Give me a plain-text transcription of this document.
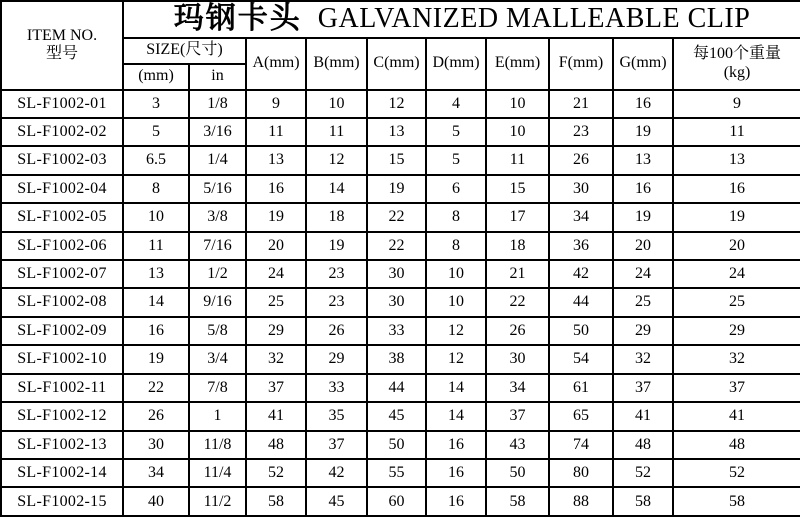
ITEM NO.
型号

玛钢卡头 GALVANIZED MALLEABLE CLIP

	SIZE(尺寸)		A(mm)	B(mm)	C(mm)	D(mm)	E(mm)	F(mm)	G(mm)	每100个重量
(kg)

	(mm)	in								
SL-F1002-01	3	1/8	9	10	12	4	10	21	16	9
SL-F1002-02	5	3/16	11	11	13	5	10	23	19	11
SL-F1002-03	6.5	1/4	13	12	15	5	11	26	13	13
SL-F1002-04	8	5/16	16	14	19	6	15	30	16	16
SL-F1002-05	10	3/8	19	18	22	8	17	34	19	19
SL-F1002-06	11	7/16	20	19	22	8	18	36	20	20
SL-F1002-07	13	1/2	24	23	30	10	21	42	24	24
SL-F1002-08	14	9/16	25	23	30	10	22	44	25	25
SL-F1002-09	16	5/8	29	26	33	12	26	50	29	29
SL-F1002-10	19	3/4	32	29	38	12	30	54	32	32
SL-F1002-11	22	7/8	37	33	44	14	34	61	37	37
SL-F1002-12	26	1	41	35	45	14	37	65	41	41
SL-F1002-13	30	11/8	48	37	50	16	43	74	48	48
SL-F1002-14	34	11/4	52	42	55	16	50	80	52	52
SL-F1002-15	40	11/2	58	45	60	16	58	88	58	58
